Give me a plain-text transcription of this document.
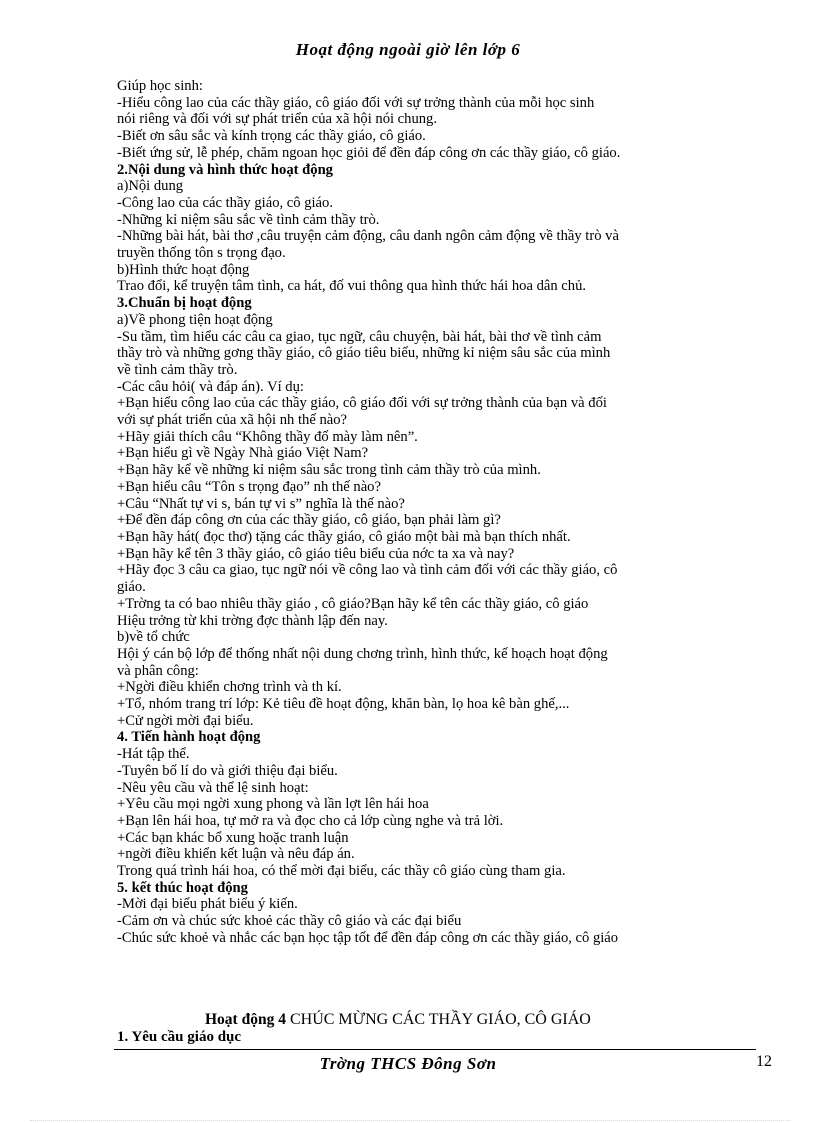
Hoạt động ngoài giờ lên lớp 6

Giúp học sinh:

-Hiểu công lao của các thầy giáo, cô giáo đối với sự trởng thành của mỗi học sinh

nói riêng và đối với sự phát triển của xã hội nói chung.

-Biết ơn sâu sắc và kính trọng các thầy giáo, cô giáo.

-Biết ứng sử, lễ phép, chăm ngoan học giỏi để đền đáp công ơn các thầy giáo, cô giáo.

2.Nội dung và hình thức hoạt động

a)Nội dung

-Công lao của các thầy giáo, cô giáo.

-Những kỉ niệm sâu sắc về tình cảm thầy trò.

-Những bài hát, bài thơ ,câu truyện cảm động, câu danh ngôn cảm động về thầy trò và

truyền thống tôn s trọng đạo.

b)Hình thức hoạt động

Trao đổi, kể truyện tâm tình, ca hát, đố vui thông qua hình thức hái hoa dân chủ.

3.Chuẩn bị hoạt động

a)Về phong tiện hoạt động

-Su tầm, tìm hiểu các câu ca giao, tục ngữ, câu chuyện, bài hát, bài thơ về tình cảm

thầy trò và những gơng thầy giáo, cô giáo tiêu biểu, những kỉ niệm sâu sắc của mình

về tình cảm thầy trò.

-Các câu hỏi( và đáp án). Ví dụ:

+Bạn hiểu công lao của các thầy giáo, cô giáo đối với sự trởng thành của bạn và đối

với sự phát triển của xã hội nh thế nào?

+Hãy giải thích câu “Không thầy đố mày làm nên”.

+Bạn hiểu gì về Ngày Nhà giáo Việt Nam?

+Bạn hãy kể về những kỉ niệm sâu sắc trong tình cảm thầy trò của mình.

+Bạn hiểu câu “Tôn s trọng đạo” nh thế nào?

+Câu “Nhất tự vi s, bán tự vi s” nghĩa là thế nào?

+Để đền đáp công ơn của các thầy giáo, cô giáo, bạn phải làm gì?

+Bạn hãy hát( đọc thơ) tặng các thầy giáo, cô giáo một bài mà bạn thích nhất.

+Bạn hãy kể tên 3 thầy giáo, cô giáo tiêu biểu của nớc ta xa và nay?

+Hãy đọc 3 câu ca giao, tục ngữ nói về công lao và tình cảm đối với các thầy giáo, cô

giáo.

+Trờng ta có bao nhiêu thầy giáo , cô giáo?Bạn hãy kể tên các thầy giáo, cô giáo

Hiệu trởng từ khi trờng đợc thành lập đến nay.

b)về tổ chức

Hội ý cán bộ lớp để thống nhất nội dung chơng trình, hình thức, kế hoạch hoạt động

và phân công:

+Ngời điều khiển chơng trình và th kí.

+Tổ, nhóm trang trí lớp: Kẻ tiêu đề hoạt động, khăn bàn, lọ hoa kê bàn ghế,...

+Cử ngời mời đại biểu.

4. Tiến hành hoạt động

-Hát tập thể.

-Tuyên bố lí do và giới thiệu đại biểu.

-Nêu yêu cầu và thể lệ sinh hoạt:

+Yêu cầu mọi ngời xung phong và lần lợt lên hái hoa

+Bạn lên hái hoa, tự mở ra và đọc cho cả lớp cùng nghe và trả lời.

+Các bạn khác bổ xung hoặc tranh luận

+ngời điều khiển kết luận và nêu đáp án.

Trong quá trình hái hoa, có thể mời đại biểu, các thầy cô giáo cùng tham gia.

5. kết thúc hoạt động

-Mời đại biểu phát biểu ý kiến.

-Cảm ơn và chúc sức khoẻ các thầy cô giáo và các đại biểu

-Chúc sức khoẻ và nhắc các bạn học tập tốt để đền đáp công ơn các thầy giáo, cô giáo

Hoạt động 4 CHÚC MỪNG CÁC THẦY GIÁO, CÔ GIÁO
1. Yêu cầu giáo dục
Trờng THCS Đông Sơn	12
